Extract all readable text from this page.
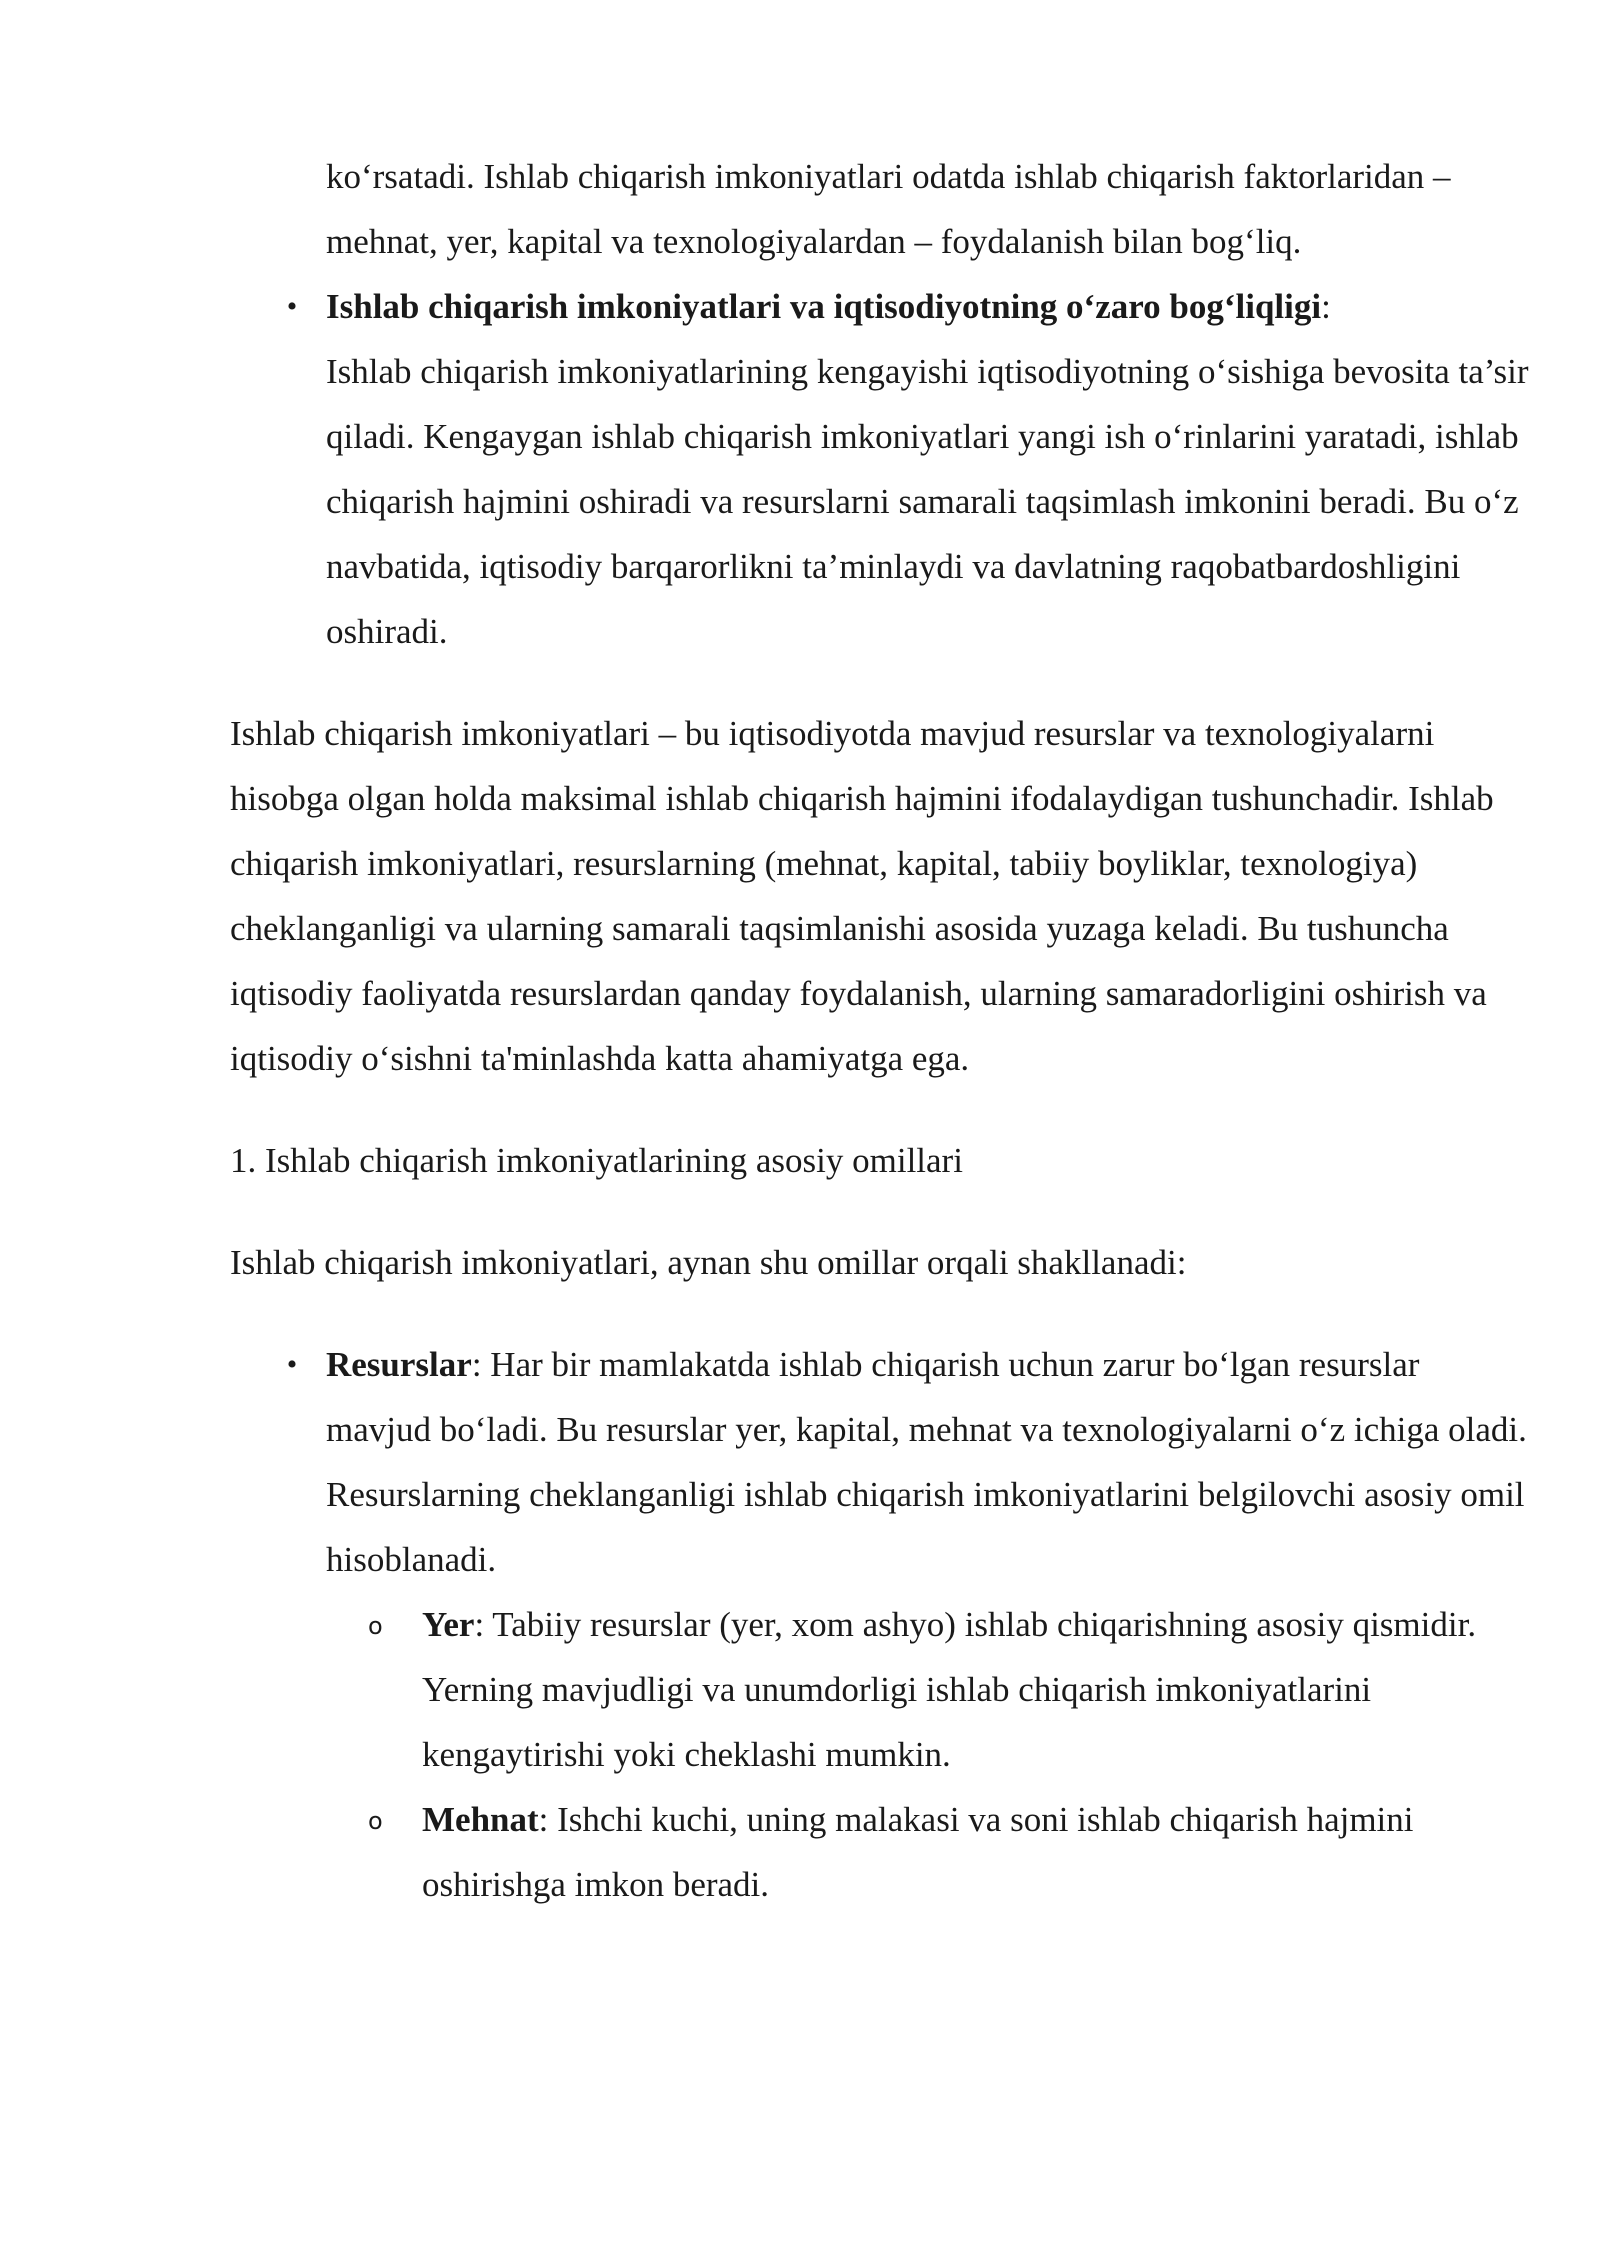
ko‘rsatadi. Ishlab chiqarish imkoniyatlari odatda ishlab chiqarish faktorlaridan – mehnat, yer, kapital va texnologiyalardan – foydalanish bilan bog‘liq.

• Ishlab chiqarish imkoniyatlari va iqtisodiyotning o‘zaro bog‘liqligi:
Ishlab chiqarish imkoniyatlarining kengayishi iqtisodiyotning o‘sishiga bevosita ta’sir qiladi. Kengaygan ishlab chiqarish imkoniyatlari yangi ish o‘rinlarini yaratadi, ishlab chiqarish hajmini oshiradi va resurslarni samarali taqsimlash imkonini beradi. Bu o‘z navbatida, iqtisodiy barqarorlikni ta’minlaydi va davlatning raqobatbardoshligini oshiradi.

Ishlab chiqarish imkoniyatlari – bu iqtisodiyotda mavjud resurslar va texnologiyalarni hisobga olgan holda maksimal ishlab chiqarish hajmini ifodalaydigan tushunchadir. Ishlab chiqarish imkoniyatlari, resurslarning (mehnat, kapital, tabiiy boyliklar, texnologiya) cheklanganligi va ularning samarali taqsimlanishi asosida yuzaga keladi. Bu tushuncha iqtisodiy faoliyatda resurslardan qanday foydalanish, ularning samaradorligini oshirish va iqtisodiy o‘sishni ta'minlashda katta ahamiyatga ega.

1. Ishlab chiqarish imkoniyatlarining asosiy omillari

Ishlab chiqarish imkoniyatlari, aynan shu omillar orqali shakllanadi:

• Resurslar: Har bir mamlakatda ishlab chiqarish uchun zarur bo‘lgan resurslar mavjud bo‘ladi. Bu resurslar yer, kapital, mehnat va texnologiyalarni o‘z ichiga oladi. Resurslarning cheklanganligi ishlab chiqarish imkoniyatlarini belgilovchi asosiy omil hisoblanadi.

o Yer: Tabiiy resurslar (yer, xom ashyo) ishlab chiqarishning asosiy qismidir. Yerning mavjudligi va unumdorligi ishlab chiqarish imkoniyatlarini kengaytirishi yoki cheklashi mumkin.

o Mehnat: Ishchi kuchi, uning malakasi va soni ishlab chiqarish hajmini oshirishga imkon beradi.
